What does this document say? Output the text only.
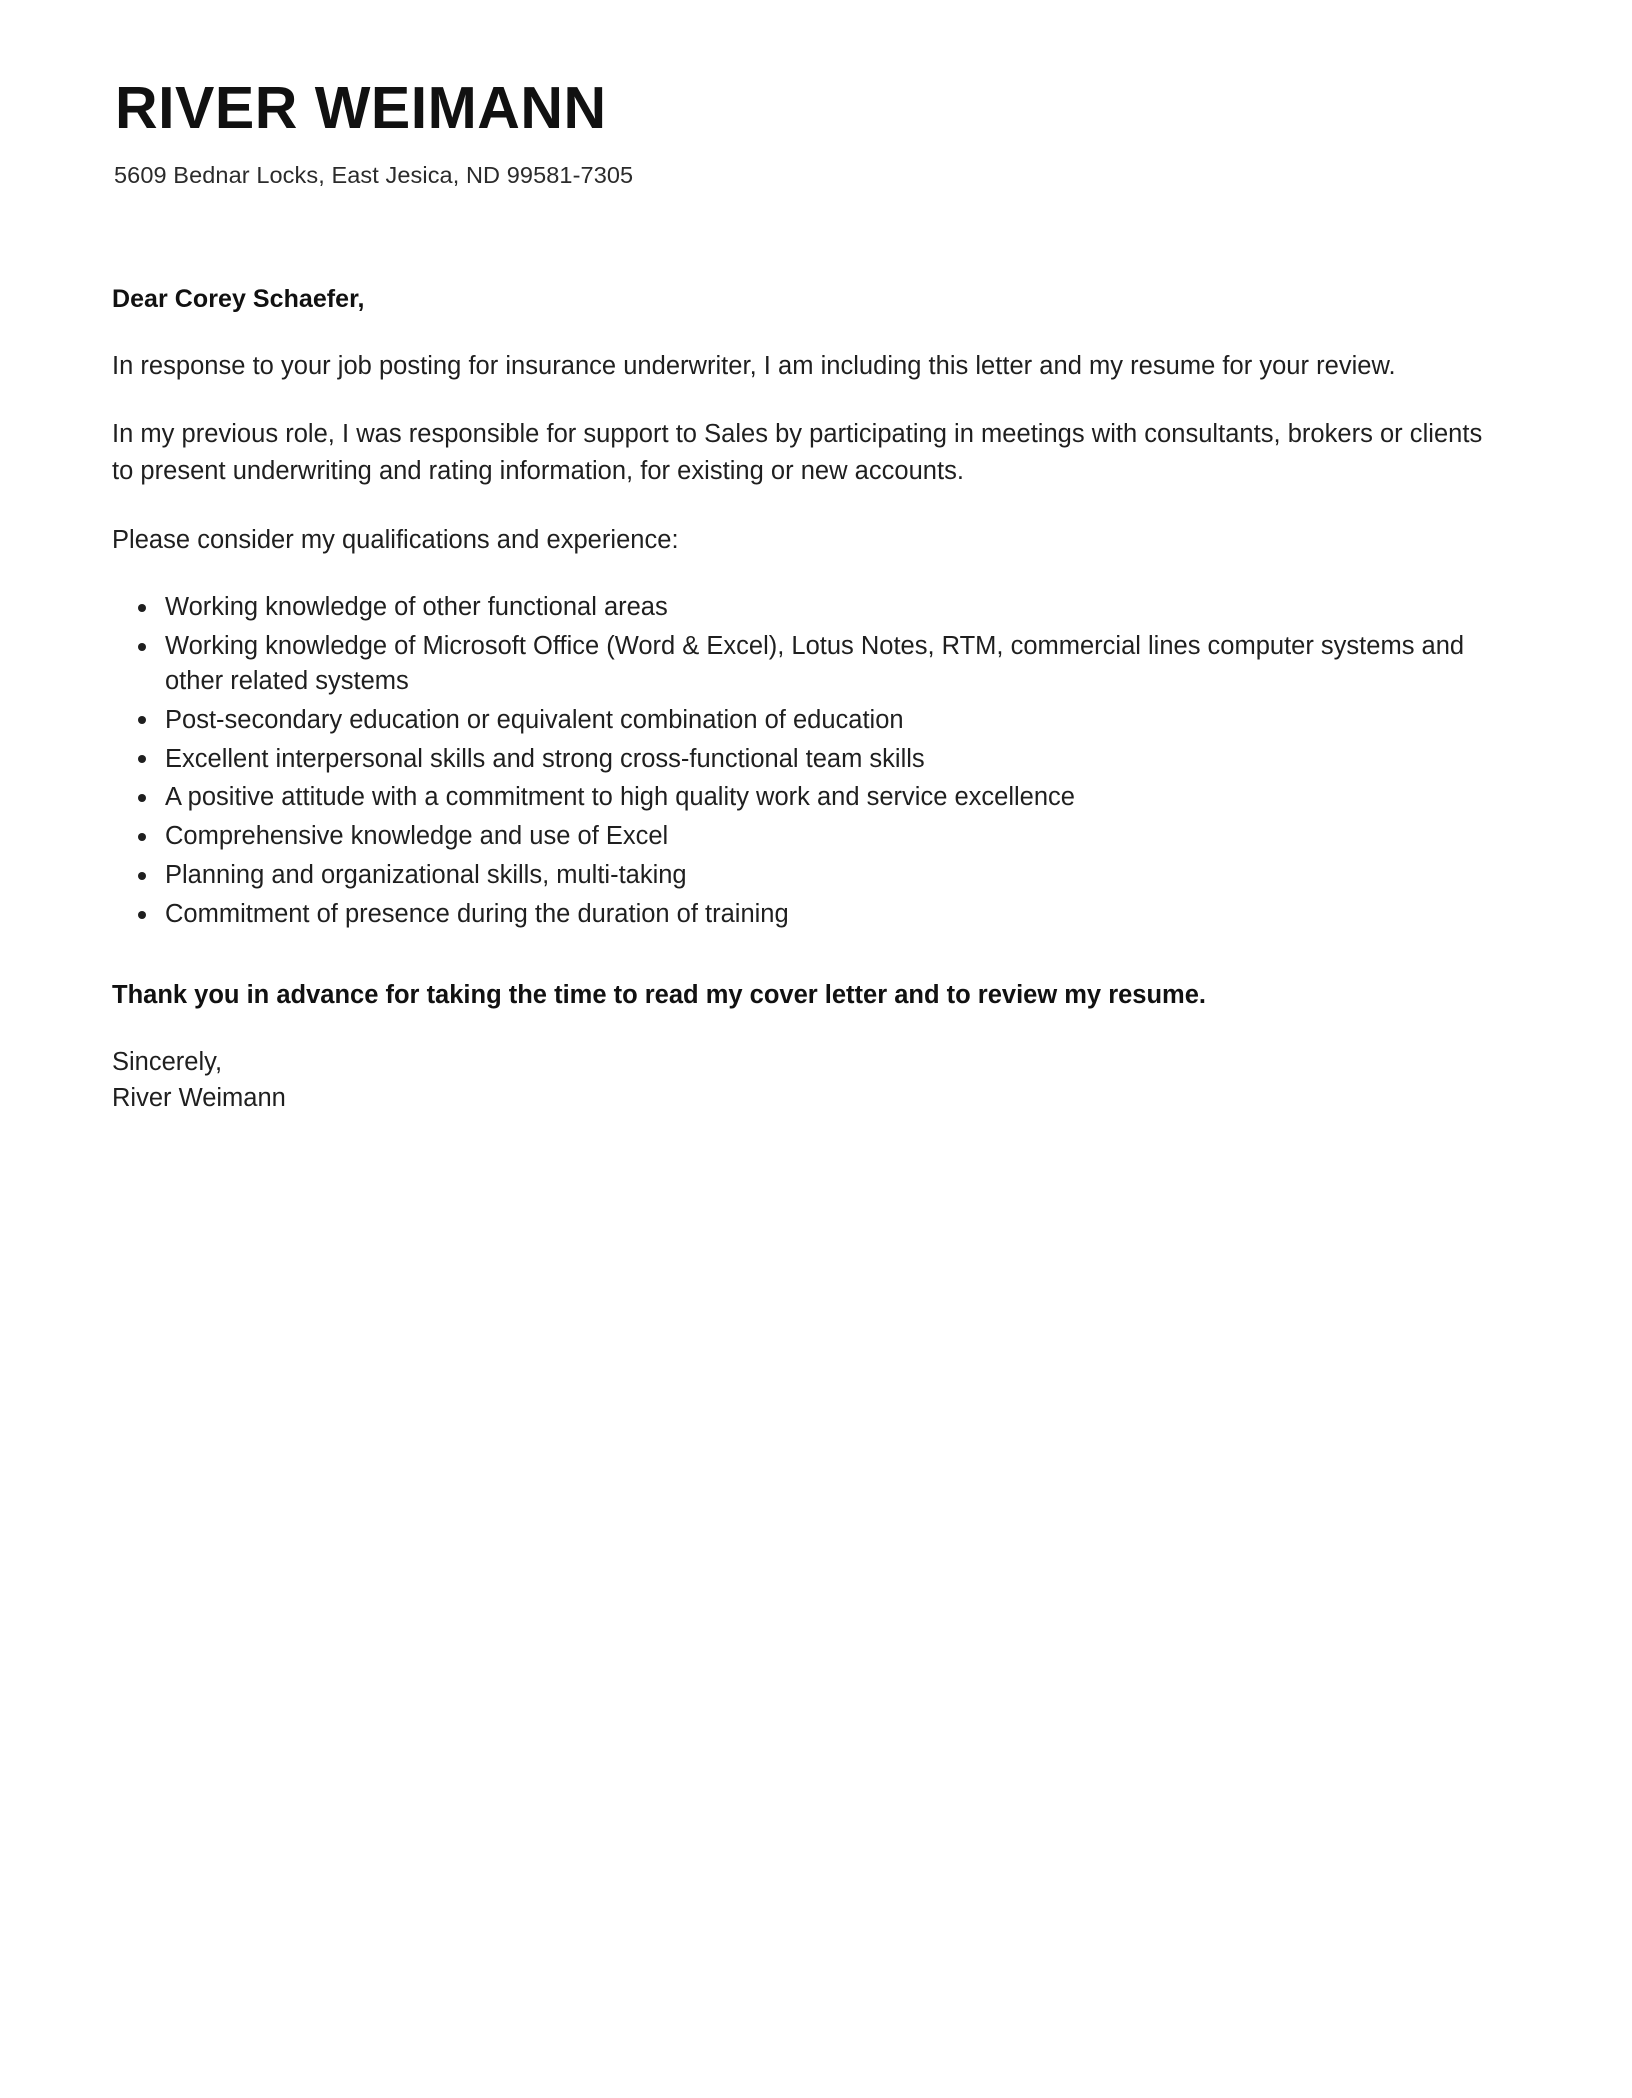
RIVER WEIMANN
5609 Bednar Locks, East Jesica, ND 99581-7305
Dear Corey Schaefer,

In response to your job posting for insurance underwriter, I am including this letter and my resume for your review.

In my previous role, I was responsible for support to Sales by participating in meetings with consultants, brokers or clients to present underwriting and rating information, for existing or new accounts.

Please consider my qualifications and experience:

Working knowledge of other functional areas
Working knowledge of Microsoft Office (Word & Excel), Lotus Notes, RTM, commercial lines computer systems and other related systems
Post-secondary education or equivalent combination of education
Excellent interpersonal skills and strong cross-functional team skills
A positive attitude with a commitment to high quality work and service excellence
Comprehensive knowledge and use of Excel
Planning and organizational skills, multi-taking
Commitment of presence during the duration of training
Thank you in advance for taking the time to read my cover letter and to review my resume.
Sincerely,
River Weimann
